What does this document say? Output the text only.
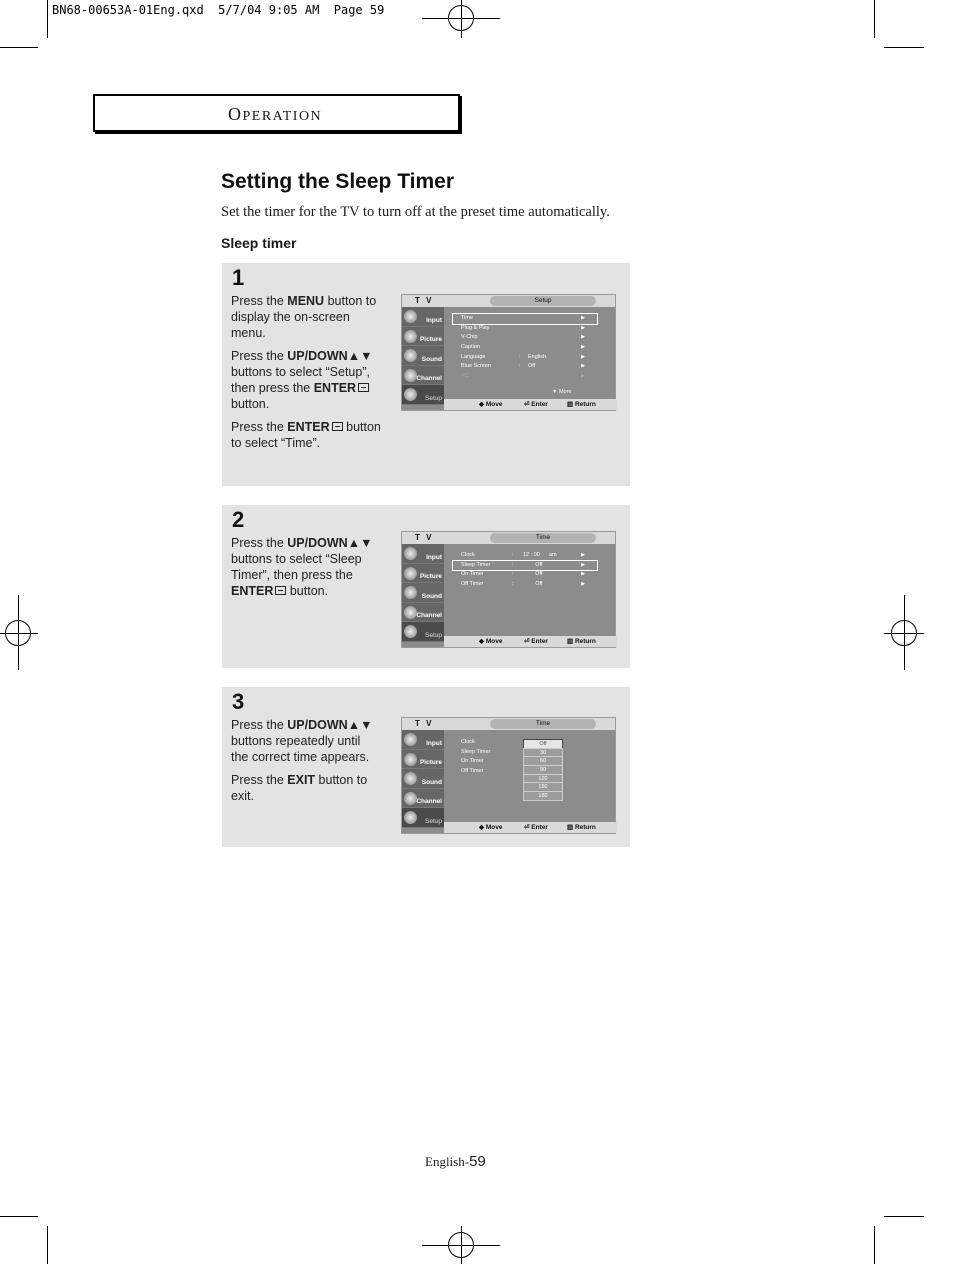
BN68-00653A-01Eng.qxd  5/7/04 9:05 AM  Page 59
OPERATION
Setting the Sleep Timer
Set the timer for the TV to turn off at the preset time automatically.
Sleep timer
1

Press the MENU button to display the on-screen menu.

Press the UP/DOWN▲▼ buttons to select “Setup”, then press the ENTER button.

Press the ENTER button to select “Time”.

T V	Setup
Input
Picture
Sound
Channel
Setup
Time	▶
Plug & Play	▶
V-Chip	▶
Caption	▶
Language	: English	▶
Blue Screen	: Off	▶
PC	▶
▼ More
◆ Move	⏎ Enter	▥ Return
2

Press the UP/DOWN▲▼ buttons to select “Sleep Timer”, then press the ENTER button.

T V	Time
Input
Picture
Sound
Channel
Setup
Clock	: 12 : 00      am	▶
Sleep Timer	: Off	▶
On Timer	: Off	▶
Off Timer	: Off	▶
◆ Move	⏎ Enter	▥ Return
3

Press the UP/DOWN▲▼ buttons repeatedly until the correct time appears.

Press the EXIT button to exit.

T V	Time
Input
Picture
Sound
Channel
Setup
Clock
Sleep Timer
On Timer
Off Timer
Off
30
60
90
120
150
180
◆ Move	⏎ Enter	▥ Return
English-59
